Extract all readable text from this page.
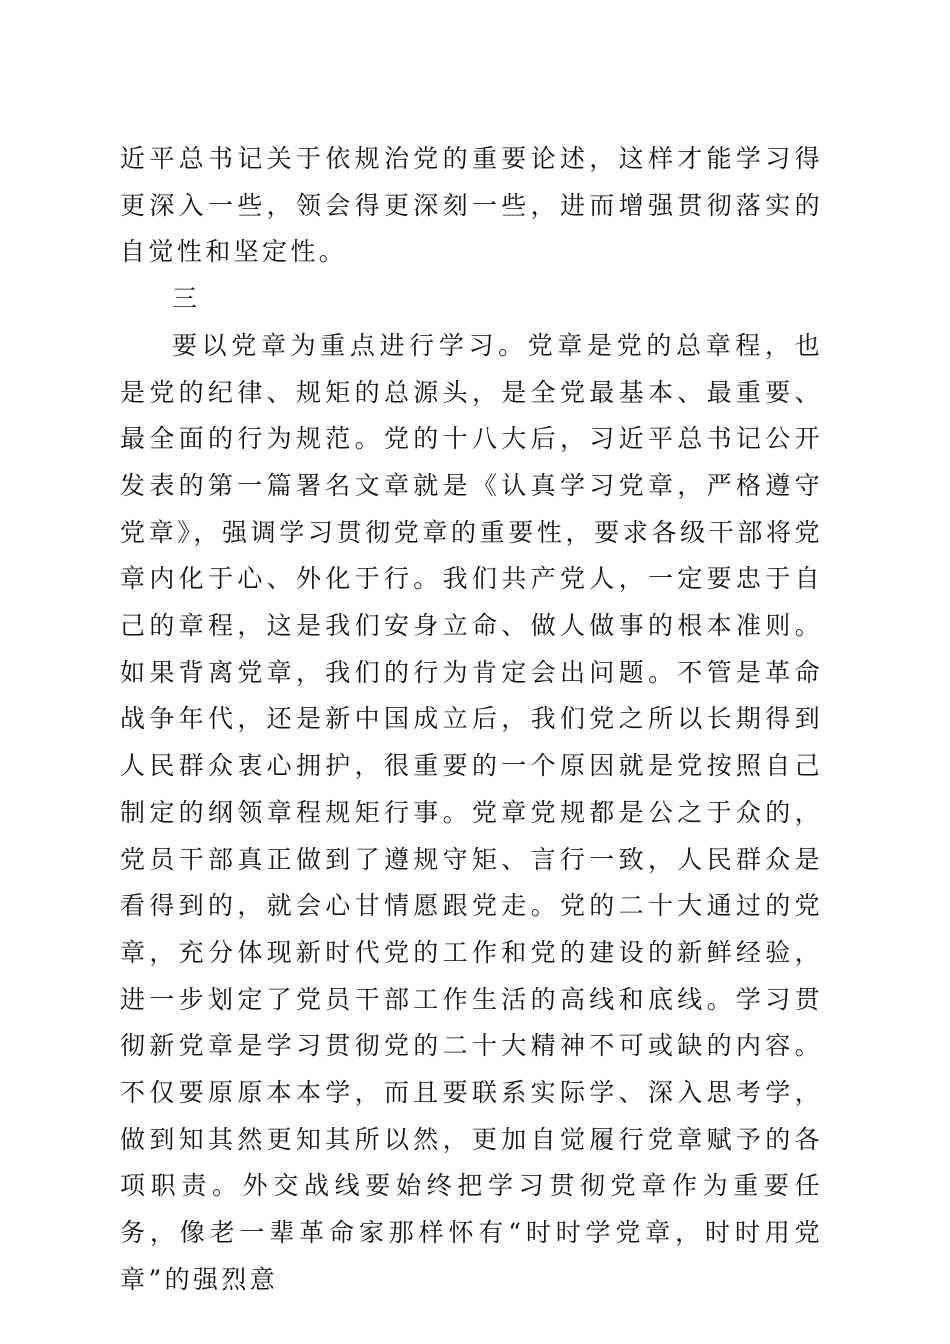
近平总书记关于依规治党的重要论述，这样才能学习得更深入一些，领会得更深刻一些，进而增强贯彻落实的自觉性和坚定性。

三

要以党章为重点进行学习。党章是党的总章程，也是党的纪律、规矩的总源头，是全党最基本、最重要、最全面的行为规范。党的十八大后，习近平总书记公开发表的第一篇署名文章就是《认真学习党章，严格遵守党章》，强调学习贯彻党章的重要性，要求各级干部将党章内化于心、外化于行。我们共产党人，一定要忠于自己的章程，这是我们安身立命、做人做事的根本准则。如果背离党章，我们的行为肯定会出问题。不管是革命战争年代，还是新中国成立后，我们党之所以长期得到人民群众衷心拥护，很重要的一个原因就是党按照自己制定的纲领章程规矩行事。党章党规都是公之于众的，党员干部真正做到了遵规守矩、言行一致，人民群众是看得到的，就会心甘情愿跟党走。党的二十大通过的党章，充分体现新时代党的工作和党的建设的新鲜经验，进一步划定了党员干部工作生活的高线和底线。学习贯彻新党章是学习贯彻党的二十大精神不可或缺的内容。不仅要原原本本学，而且要联系实际学、深入思考学，做到知其然更知其所以然，更加自觉履行党章赋予的各项职责。外交战线要始终把学习贯彻党章作为重要任务，像老一辈革命家那样怀有“时时学党章，时时用党章”的强烈意
